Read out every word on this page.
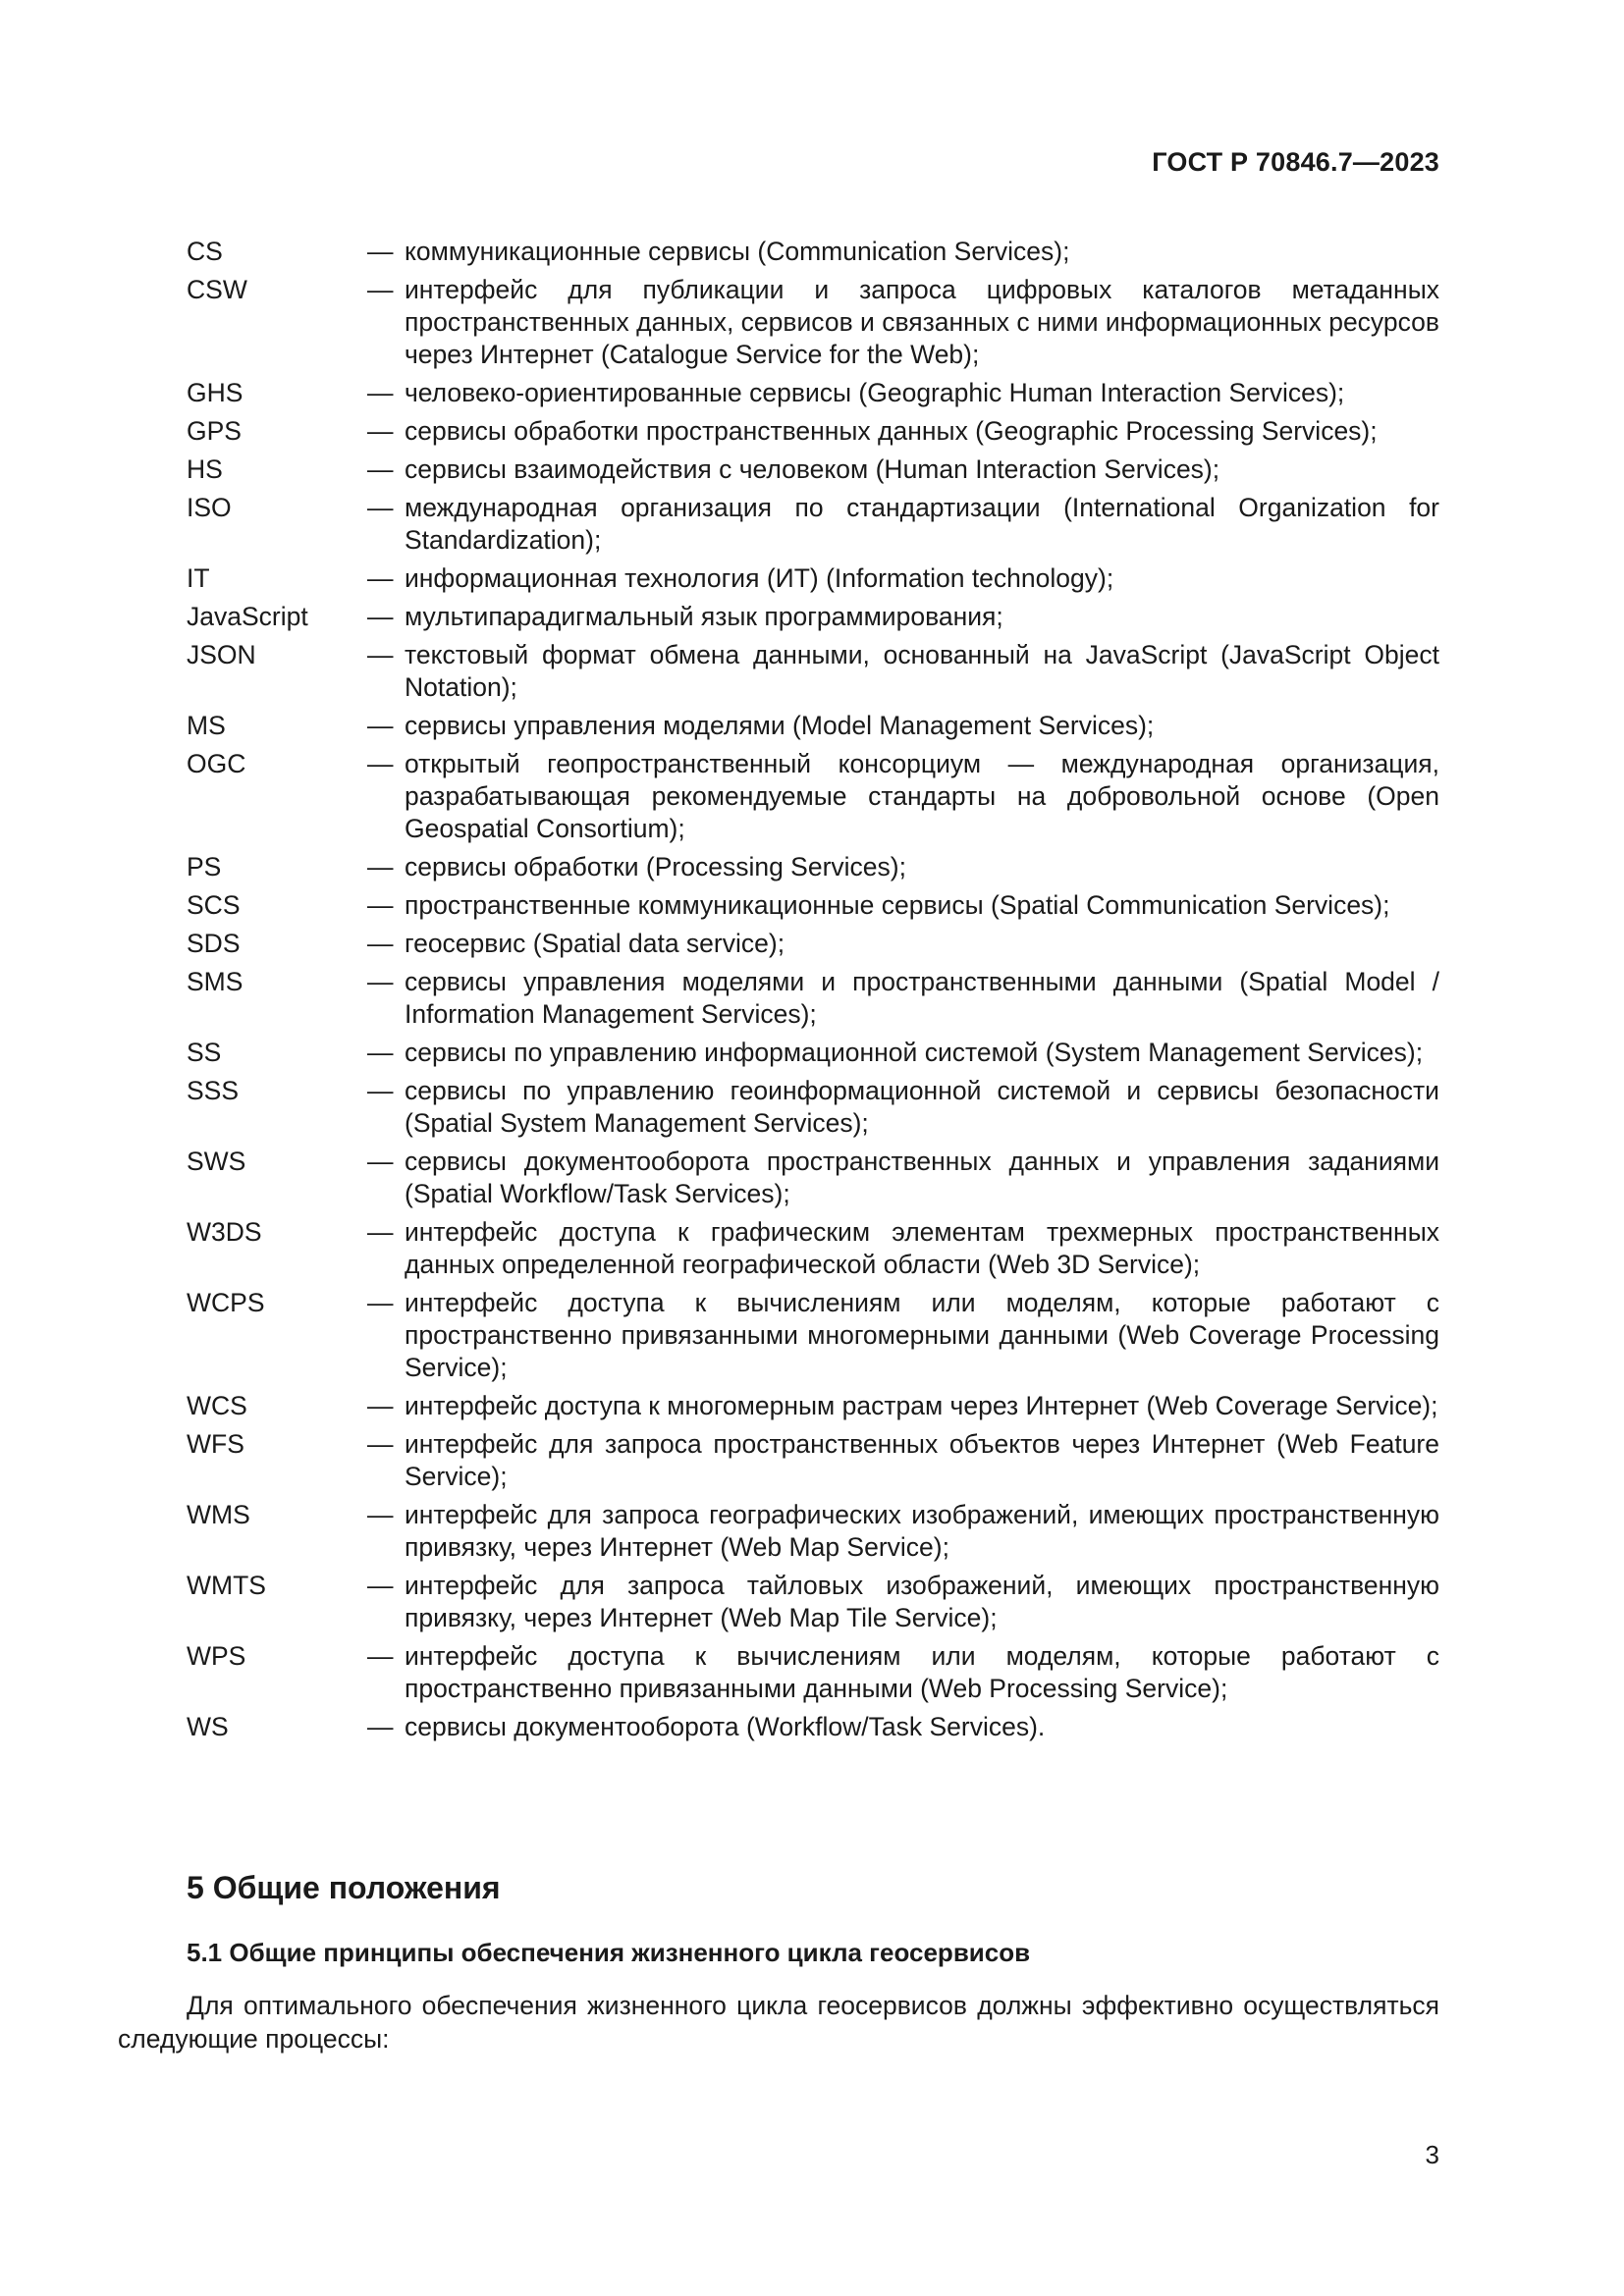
ГОСТ Р 70846.7—2023
CS	— коммуникационные сервисы (Communication Services);
CSW	— интерфейс для публикации и запроса цифровых каталогов метаданных пространственных данных, сервисов и связанных с ними информационных ресурсов через Интернет (Catalogue Service for the Web);
GHS	— человеко-ориентированные сервисы (Geographic Human Interaction Services);
GPS	— сервисы обработки пространственных данных (Geographic Processing Services);
HS	— сервисы взаимодействия с человеком (Human Interaction Services);
ISO	— международная организация по стандартизации (International Organization for Standardization);
IT	— информационная технология (ИТ) (Information technology);
JavaScript	— мультипарадигмальный язык программирования;
JSON	— текстовый формат обмена данными, основанный на JavaScript (JavaScript Object Notation);
MS	— сервисы управления моделями (Model Management Services);
OGC	— открытый геопространственный консорциум — международная организация, разрабатывающая рекомендуемые стандарты на добровольной основе (Open Geospatial Consortium);
PS	— сервисы обработки (Processing Services);
SCS	— пространственные коммуникационные сервисы (Spatial Communication Services);
SDS	— геосервис (Spatial data service);
SMS	— сервисы управления моделями и пространственными данными (Spatial Model / Information Management Services);
SS	— сервисы по управлению информационной системой (System Management Services);
SSS	— сервисы по управлению геоинформационной системой и сервисы безопасности (Spatial System Management Services);
SWS	— сервисы документооборота пространственных данных и управления заданиями (Spatial Workflow/Task Services);
W3DS	— интерфейс доступа к графическим элементам трехмерных пространственных данных определенной географической области (Web 3D Service);
WCPS	— интерфейс доступа к вычислениям или моделям, которые работают с пространственно привязанными многомерными данными (Web Coverage Processing Service);
WCS	— интерфейс доступа к многомерным растрам через Интернет (Web Coverage Service);
WFS	— интерфейс для запроса пространственных объектов через Интернет (Web Feature Service);
WMS	— интерфейс для запроса географических изображений, имеющих пространственную привязку, через Интернет (Web Map Service);
WMTS	— интерфейс для запроса тайловых изображений, имеющих пространственную привязку, через Интернет (Web Map Tile Service);
WPS	— интерфейс доступа к вычислениям или моделям, которые работают с пространственно привязанными данными (Web Processing Service);
WS	— сервисы документооборота (Workflow/Task Services).
5 Общие положения
5.1 Общие принципы обеспечения жизненного цикла геосервисов
Для оптимального обеспечения жизненного цикла геосервисов должны эффективно осуществляться следующие процессы:
3
